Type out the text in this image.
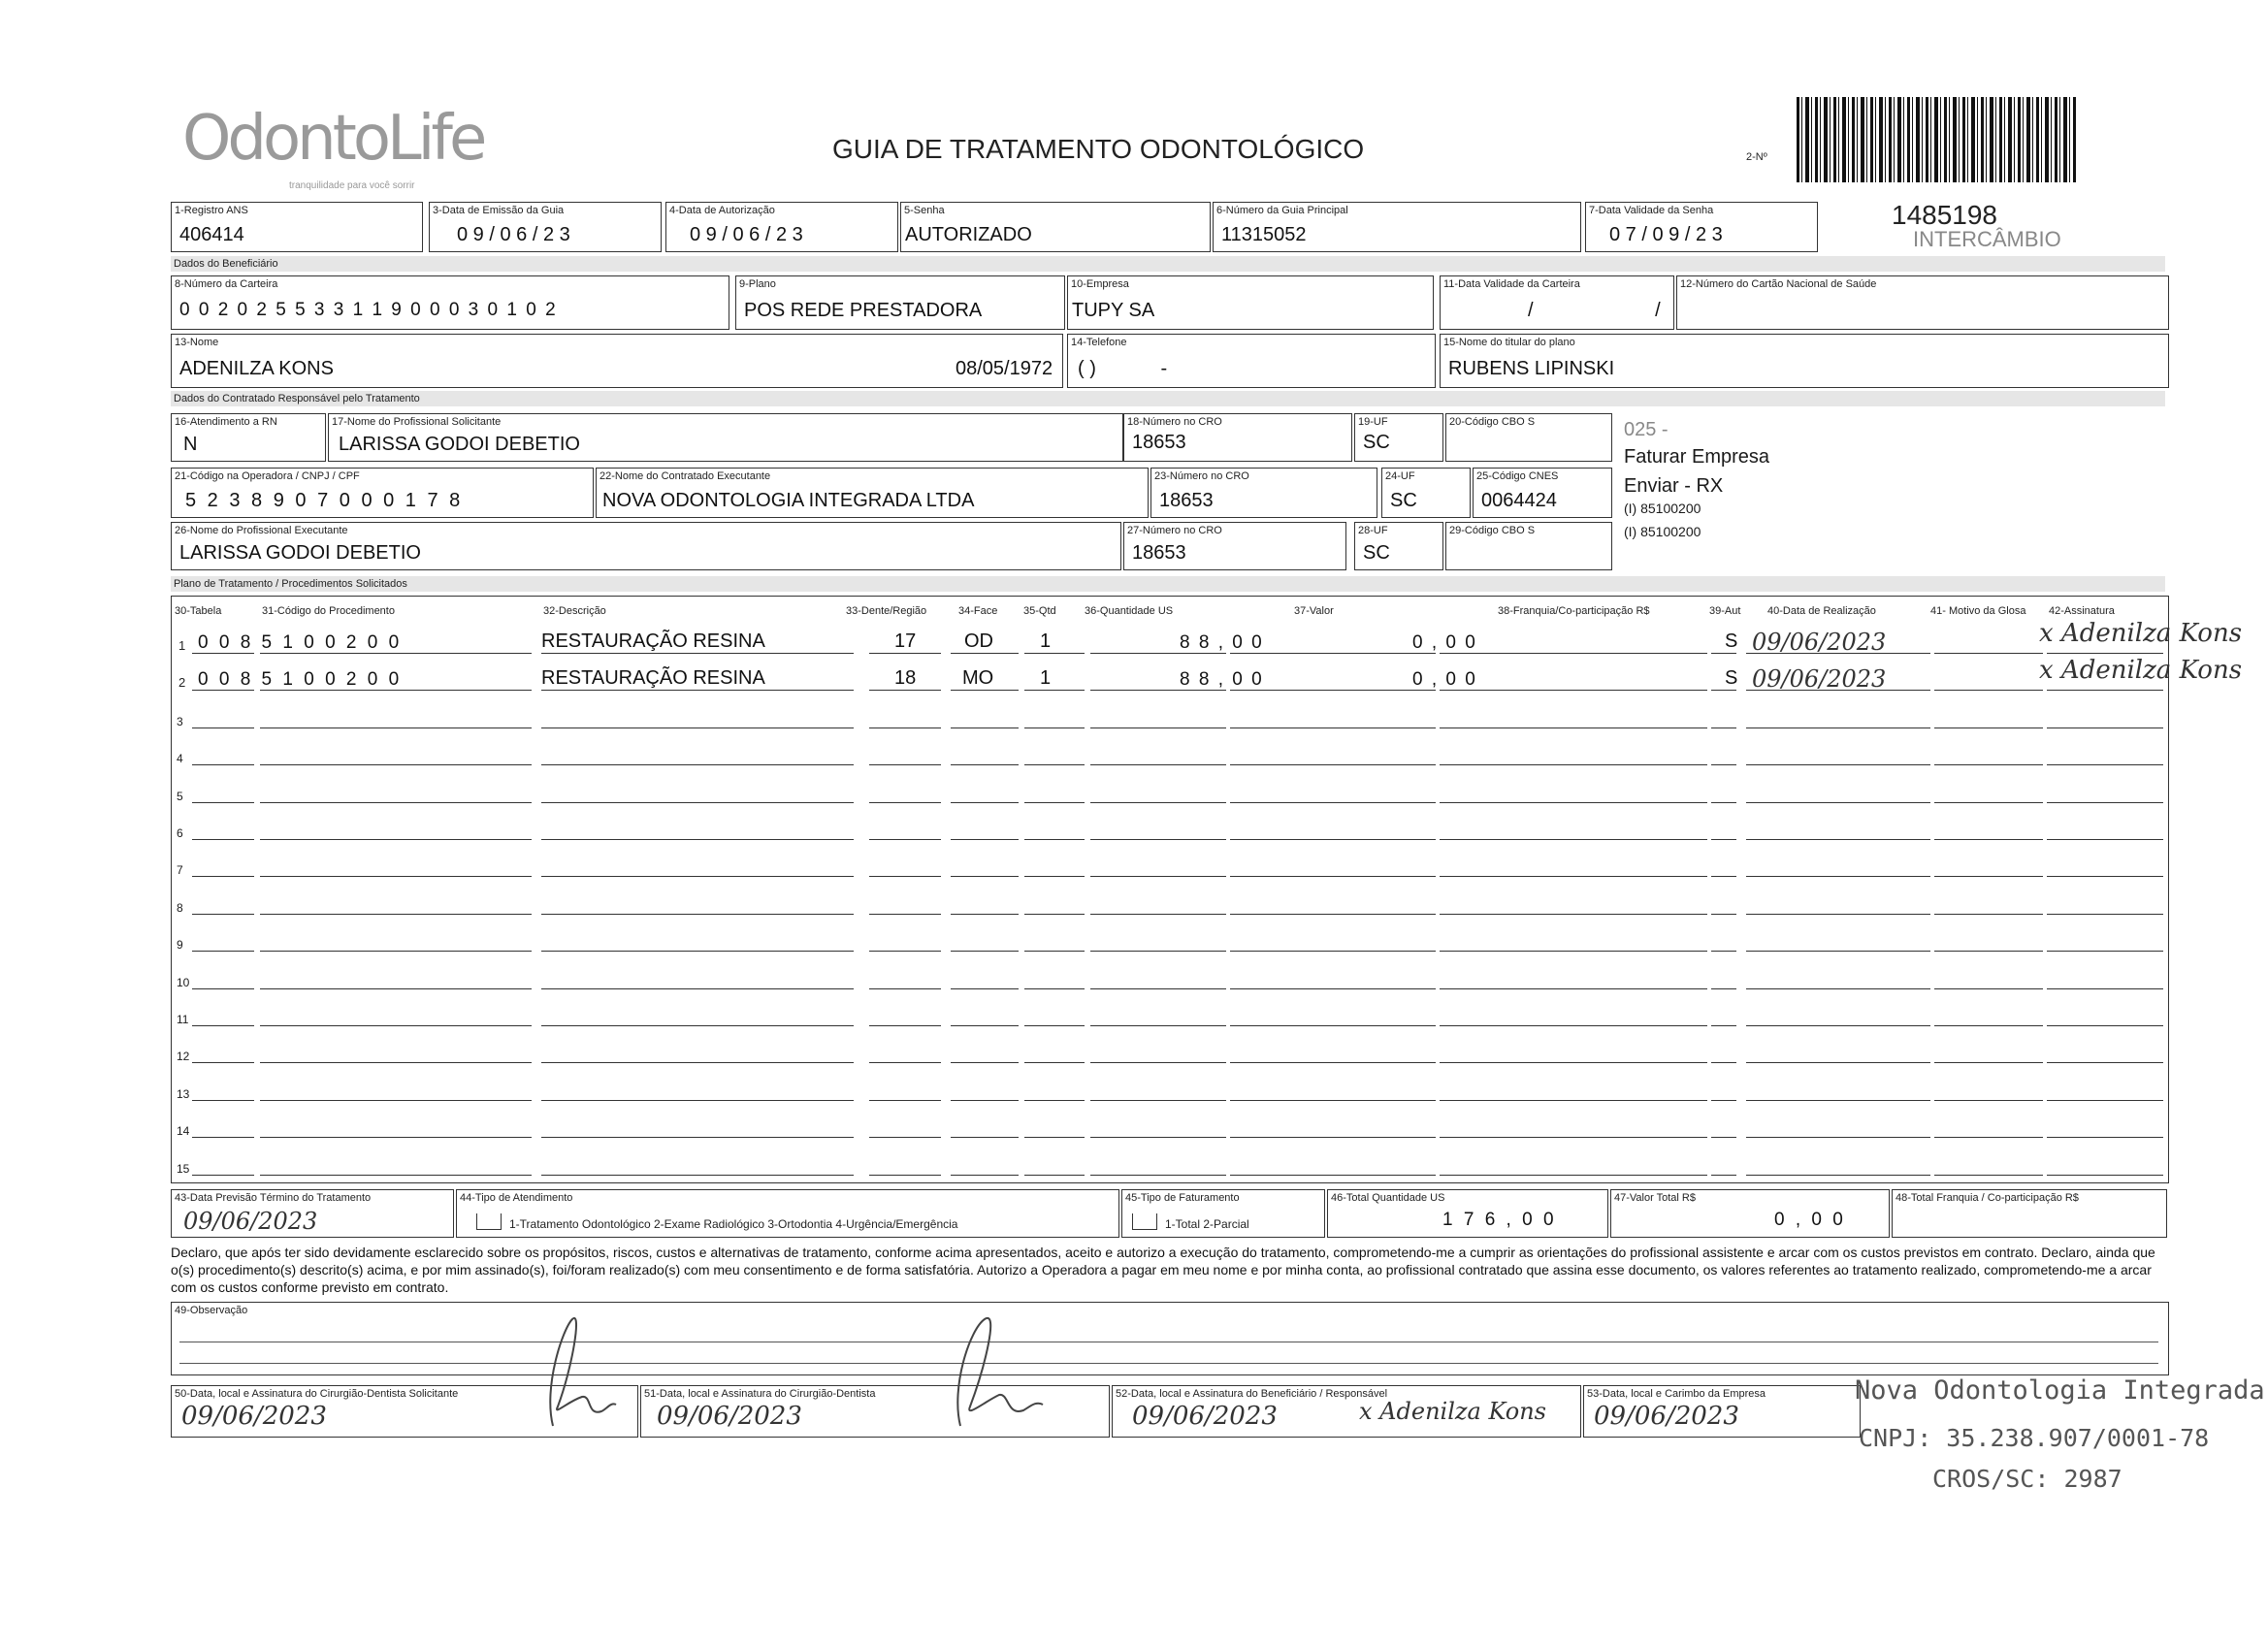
OdontoLife
tranquilidade para você sorrir
GUIA DE TRATAMENTO ODONTOLÓGICO	2-Nº
1485198
INTERCÂMBIO
1-Registro ANS
406414
3-Data de Emissão da Guia
0 9 / 0 6 / 2 3
4-Data de Autorização
0 9 / 0 6 / 2 3
5-Senha
AUTORIZADO
6-Número da Guia Principal
11315052
7-Data Validade da Senha
0 7 / 0 9 / 2 3
Dados do Beneficiário
8-Número da Carteira
0 0 2 0 2 5 5 3 3 1 1 9 0 0 0 3 0 1 0 2
9-Plano
POS REDE PRESTADORA
10-Empresa
TUPY SA
11-Data Validade da Carteira
/ /
12-Número do Cartão Nacional de Saúde
13-Nome
ADENILZA KONS	08/05/1972
14-Telefone
( )            -
15-Nome do titular do plano
RUBENS LIPINSKI
Dados do Contratado Responsável pelo Tratamento
16-Atendimento a RN
N
17-Nome do Profissional Solicitante
LARISSA GODOI DEBETIO
18-Número no CRO
18653
19-UF
SC
20-Código CBO S	025 -
Faturar Empresa
Enviar - RX
(I) 85100200
(I) 85100200
21-Código na Operadora / CNPJ / CPF
5 2 3 8 9 0 7 0 0 0 1 7 8
22-Nome do Contratado Executante
NOVA ODONTOLOGIA INTEGRADA LTDA
23-Número no CRO
18653
24-UF
SC
25-Código CNES
0064424
26-Nome do Profissional Executante
LARISSA GODOI DEBETIO
27-Número no CRO
18653
28-UF
SC
29-Código CBO S
Plano de Tratamento / Procedimentos Solicitados
30-Tabela	31-Código do Procedimento	32-Descrição	33-Dente/Região	34-Face 35-Qtd	36-Quantidade US	37-Valor	38-Franquia/Co-participação R$	39-Aut	40-Data de Realização	41- Motivo da Glosa 42-Assinatura
1 0 0 8 5 1 0 0 2 0 0	RESTAURAÇÃO RESINA	17 OD 1	8 8 , 0 0	0 , 0 0	S 09/06/2023	x Adenilza Kons
2 0 0 8 5 1 0 0 2 0 0	RESTAURAÇÃO RESINA	18 MO 1	8 8 , 0 0	0 , 0 0	S 09/06/2023	x Adenilza Kons
3
4
5
6
7
8
9
10
11
12
13
14
15
43-Data Previsão Término do Tratamento
09/06/2023
44-Tipo de Atendimento
1-Tratamento Odontológico 2-Exame Radiológico 3-Ortodontia 4-Urgência/Emergência
45-Tipo de Faturamento
1-Total 2-Parcial
46-Total Quantidade US
1 7 6 , 0 0
47-Valor Total R$
0 , 0 0
48-Total Franquia / Co-participação R$
Declaro, que após ter sido devidamente esclarecido sobre os propósitos, riscos, custos e alternativas de tratamento, conforme acima apresentados, aceito e autorizo a execução do tratamento, comprometendo-me a cumprir as orientações do profissional assistente e arcar com os custos previstos em contrato. Declaro, ainda que o(s) procedimento(s) descrito(s) acima, e por mim assinado(s), foi/foram realizado(s) com meu consentimento e de forma satisfatória. Autorizo a Operadora a pagar em meu nome e por minha conta, ao profissional contratado que assina esse documento, os valores referentes ao tratamento realizado, comprometendo-me a arcar com os custos conforme previsto em contrato.
49-Observação
50-Data, local e Assinatura do Cirurgião-Dentista Solicitante
09/06/2023
51-Data, local e Assinatura do Cirurgião-Dentista
09/06/2023
52-Data, local e Assinatura do Beneficiário / Responsável
09/06/2023	x Adenilza Kons
53-Data, local e Carimbo da Empresa
09/06/2023
Nova Odontologia Integrada
CNPJ: 35.238.907/0001-78
CROS/SC: 2987
